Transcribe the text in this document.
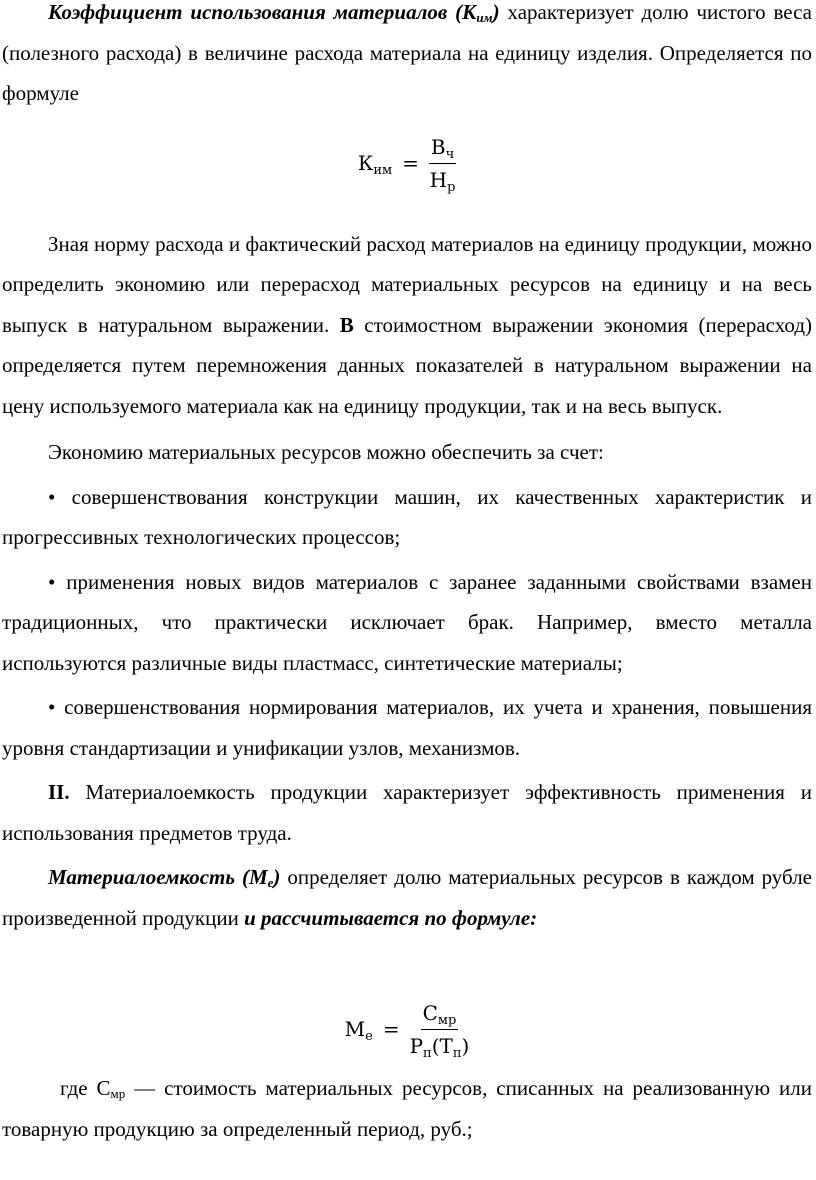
Коэффициент использования материалов $(К_{им})$ характеризует долю чистого веса (полезного расхода) в величине расхода материала на единицу изделия. Определяется по формуле

$К_{им} = \frac{В_ч}{Н_р}$

Зная норму расхода и фактический расход материалов на единицу продукции, можно определить экономию или перерасход материальных ресурсов на единицу и на весь выпуск в натуральном выражении. В стоимостном выражении экономия (перерасход) определяется путем перемножения данных показателей в натуральном выражении на цену используемого материала как на единицу продукции, так и на весь выпуск.

Экономию материальных ресурсов можно обеспечить за счет:

• совершенствования конструкции машин, их качественных характеристик и прогрессивных технологических процессов;

• применения новых видов материалов с заранее заданными свойствами взамен традиционных, что практически исключает брак. Например, вместо металла используются различные виды пластмасс, синтетические материалы;

• совершенствования нормирования материалов, их учета и хранения, повышения уровня стандартизации и унификации узлов, механизмов.

II. Материалоемкость продукции характеризует эффективность применения и использования предметов труда.

Материалоемкость $(М_е)$ определяет долю материальных ресурсов в каждом рубле произведенной продукции и рассчитывается по формуле:

$М_е = \frac{С_{мр}}{Р_п(Т_п)}$

где $С_{мр}$ — стоимость материальных ресурсов, списанных на реализованную или товарную продукцию за определенный период, руб.;
